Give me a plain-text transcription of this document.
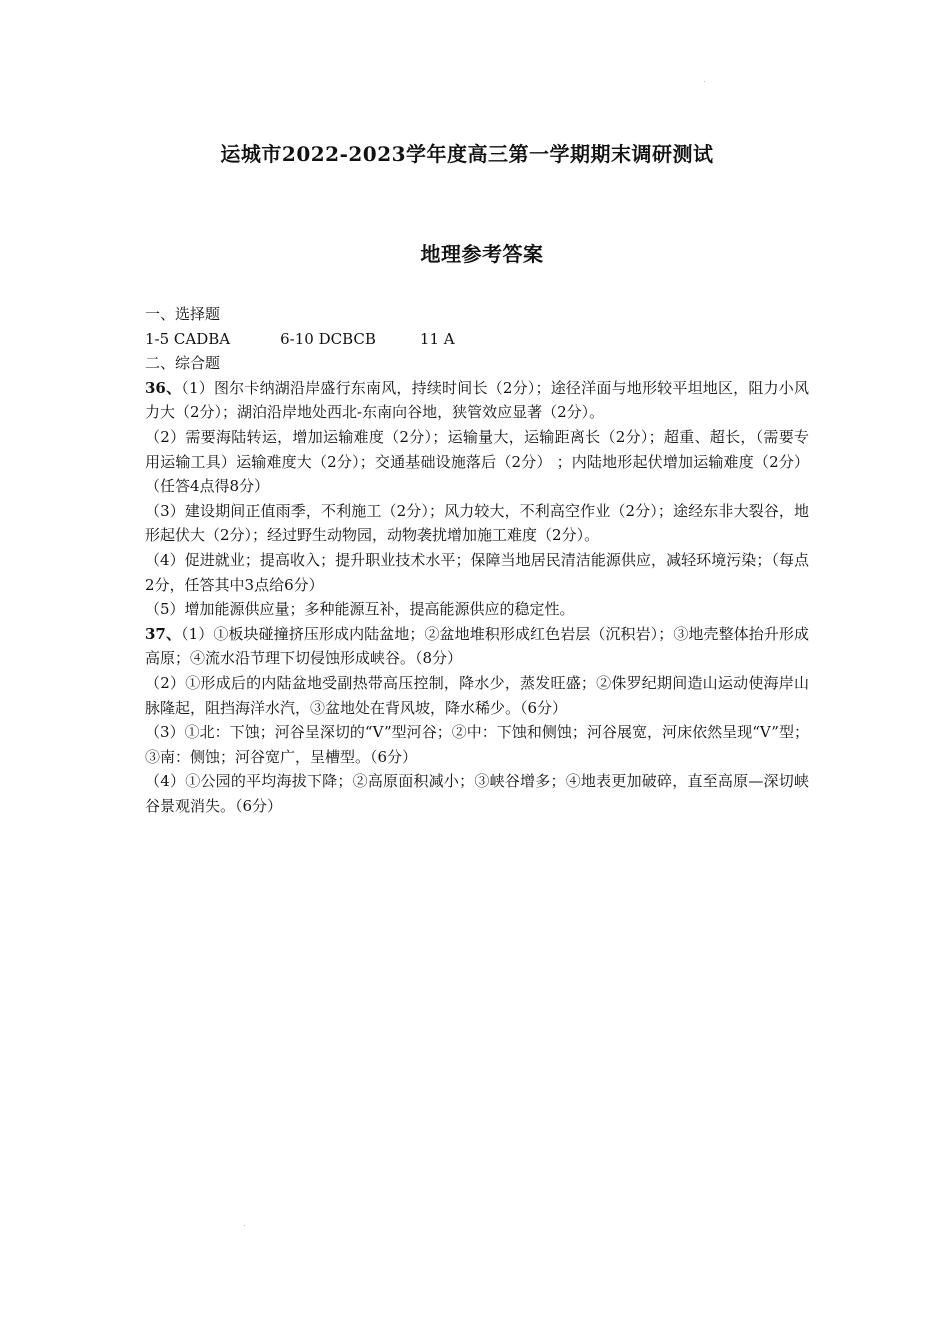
运城市2022-2023学年度高三第一学期期末调研测试
地理参考答案
一、选择题
1-5 CADBA	6-10 DCBCB	11 A
二、综合题
36、（1）图尔卡纳湖沿岸盛行东南风，持续时间长（2分）；途径洋面与地形较平坦地区，阻力小风力大（2分）；湖泊沿岸地处西北-东南向谷地，狭管效应显著（2分）。
（2）需要海陆转运，增加运输难度（2分）；运输量大，运输距离长（2分）；超重、超长，（需要专用运输工具）运输难度大（2分）；交通基础设施落后（2分） ；内陆地形起伏增加运输难度（2分）（任答4点得8分）
（3）建设期间正值雨季，不利施工（2分）；风力较大，不利高空作业（2分）；途经东非大裂谷，地形起伏大（2分）；经过野生动物园，动物袭扰增加施工难度（2分）。
（4）促进就业；提高收入；提升职业技术水平；保障当地居民清洁能源供应，减轻环境污染；（每点2分，任答其中3点给6分）
（5）增加能源供应量；多种能源互补，提高能源供应的稳定性。
37、（1）①板块碰撞挤压形成内陆盆地；②盆地堆积形成红色岩层（沉积岩）；③地壳整体抬升形成高原；④流水沿节理下切侵蚀形成峡谷。（8分）
（2）①形成后的内陆盆地受副热带高压控制，降水少，蒸发旺盛；②侏罗纪期间造山运动使海岸山脉隆起，阻挡海洋水汽，③盆地处在背风坡，降水稀少。（6分）
（3）①北：下蚀；河谷呈深切的“V”型河谷；②中：下蚀和侧蚀；河谷展宽，河床依然呈现“V”型；③南：侧蚀；河谷宽广，呈槽型。（6分）
（4）①公园的平均海拔下降；②高原面积减小；③峡谷增多；④地表更加破碎，直至高原—深切峡谷景观消失。（6分）
